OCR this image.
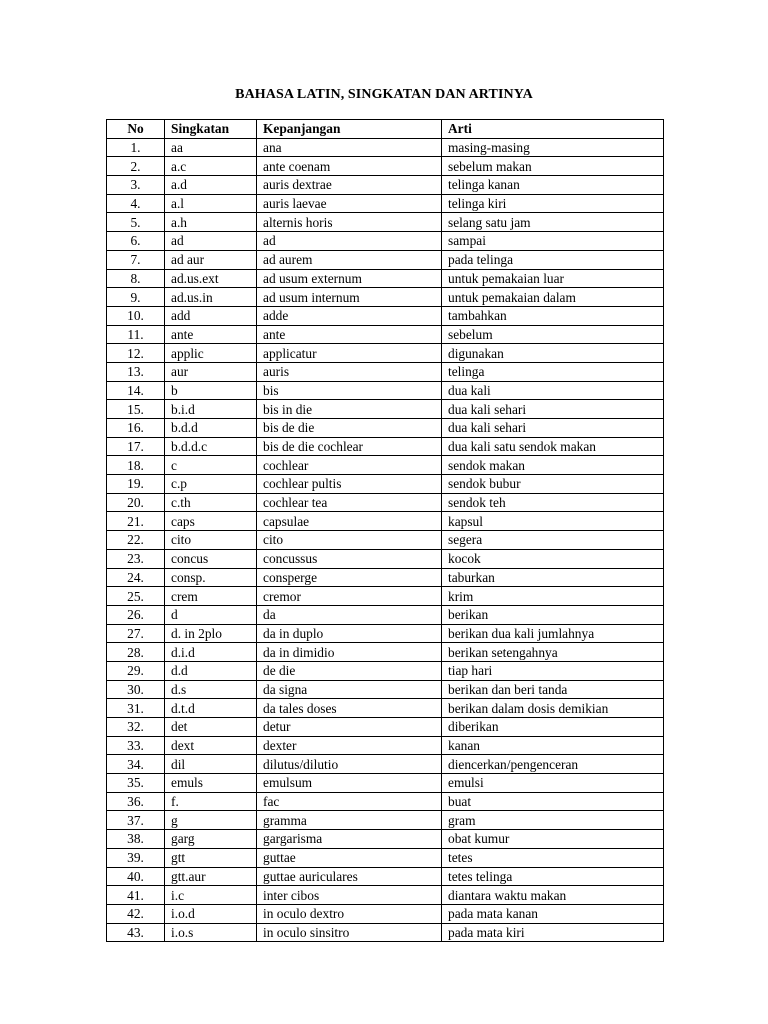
BAHASA LATIN, SINGKATAN DAN ARTINYA
No	Singkatan	Kepanjangan	Arti
1.	aa	ana	masing-masing
2.	a.c	ante coenam	sebelum makan
3.	a.d	auris dextrae	telinga kanan
4.	a.l	auris laevae	telinga kiri
5.	a.h	alternis horis	selang satu jam
6.	ad	ad	sampai
7.	ad aur	ad aurem	pada telinga
8.	ad.us.ext	ad usum externum	untuk pemakaian luar
9.	ad.us.in	ad usum internum	untuk pemakaian dalam
10.	add	adde	tambahkan
11.	ante	ante	sebelum
12.	applic	applicatur	digunakan
13.	aur	auris	telinga
14.	b	bis	dua kali
15.	b.i.d	bis in die	dua kali sehari
16.	b.d.d	bis de die	dua kali sehari
17.	b.d.d.c	bis de die cochlear	dua kali satu sendok makan
18.	c	cochlear	sendok makan
19.	c.p	cochlear pultis	sendok bubur
20.	c.th	cochlear tea	sendok teh
21.	caps	capsulae	kapsul
22.	cito	cito	segera
23.	concus	concussus	kocok
24.	consp.	consperge	taburkan
25.	crem	cremor	krim
26.	d	da	berikan
27.	d. in 2plo	da in duplo	berikan dua kali jumlahnya
28.	d.i.d	da in dimidio	berikan setengahnya
29.	d.d	de die	tiap hari
30.	d.s	da signa	berikan dan beri tanda
31.	d.t.d	da tales doses	berikan dalam dosis demikian
32.	det	detur	diberikan
33.	dext	dexter	kanan
34.	dil	dilutus/dilutio	diencerkan/pengenceran
35.	emuls	emulsum	emulsi
36.	f.	fac	buat
37.	g	gramma	gram
38.	garg	gargarisma	obat kumur
39.	gtt	guttae	tetes
40.	gtt.aur	guttae auriculares	tetes telinga
41.	i.c	inter cibos	diantara waktu makan
42.	i.o.d	in oculo dextro	pada mata kanan
43.	i.o.s	in oculo sinsitro	pada mata kiri
